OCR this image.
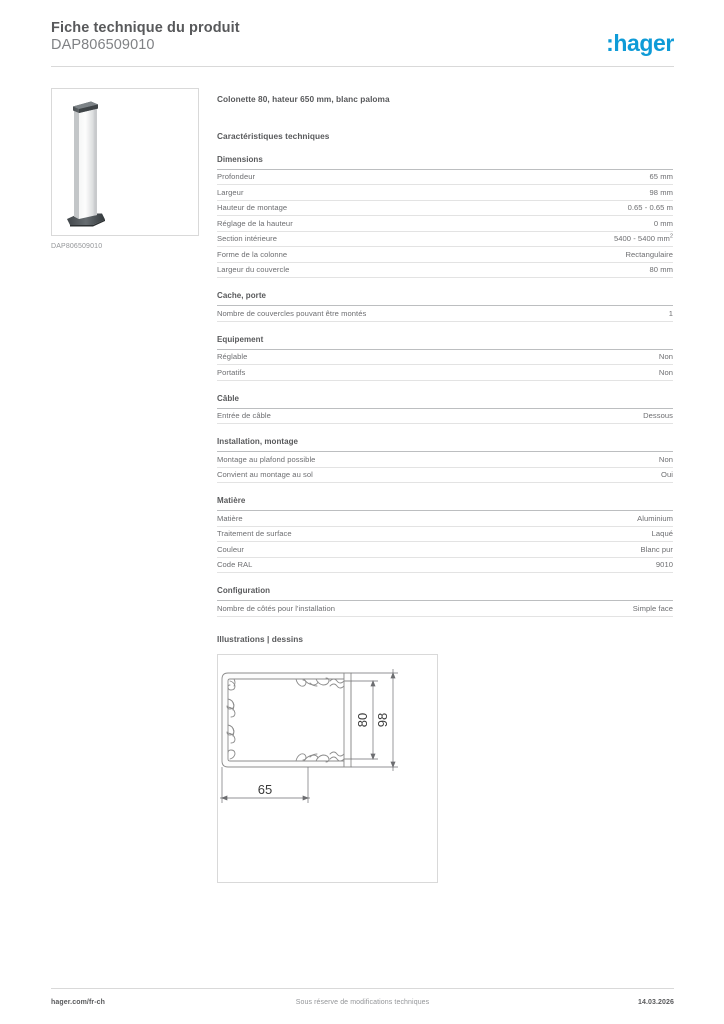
Fiche technique du produit
DAP806509010	:hager
DAP806509010
Colonette 80, hateur 650 mm, blanc paloma
Caractéristiques techniques
Dimensions
Profondeur	65 mm
Largeur	98 mm
Hauteur de montage	0.65 - 0.65 m
Réglage de la hauteur	0 mm
Section intérieure	5400 - 5400 $mm^2$
Forme de la colonne	Rectangulaire
Largeur du couvercle	80 mm
Cache, porte
Nombre de couvercles pouvant être montés	1
Equipement
Réglable	Non
Portatifs	Non
Câble
Entrée de câble	Dessous
Installation, montage
Montage au plafond possible	Non
Convient au montage au sol	Oui
Matière
Matière	Aluminium
Traitement de surface	Laqué
Couleur	Blanc pur
Code RAL	9010
Configuration
Nombre de côtés pour l'installation	Simple face
Illustrations | dessins
80 98
65
Sous réserve de modifications techniques
hager.com/fr-ch	14.03.2026
